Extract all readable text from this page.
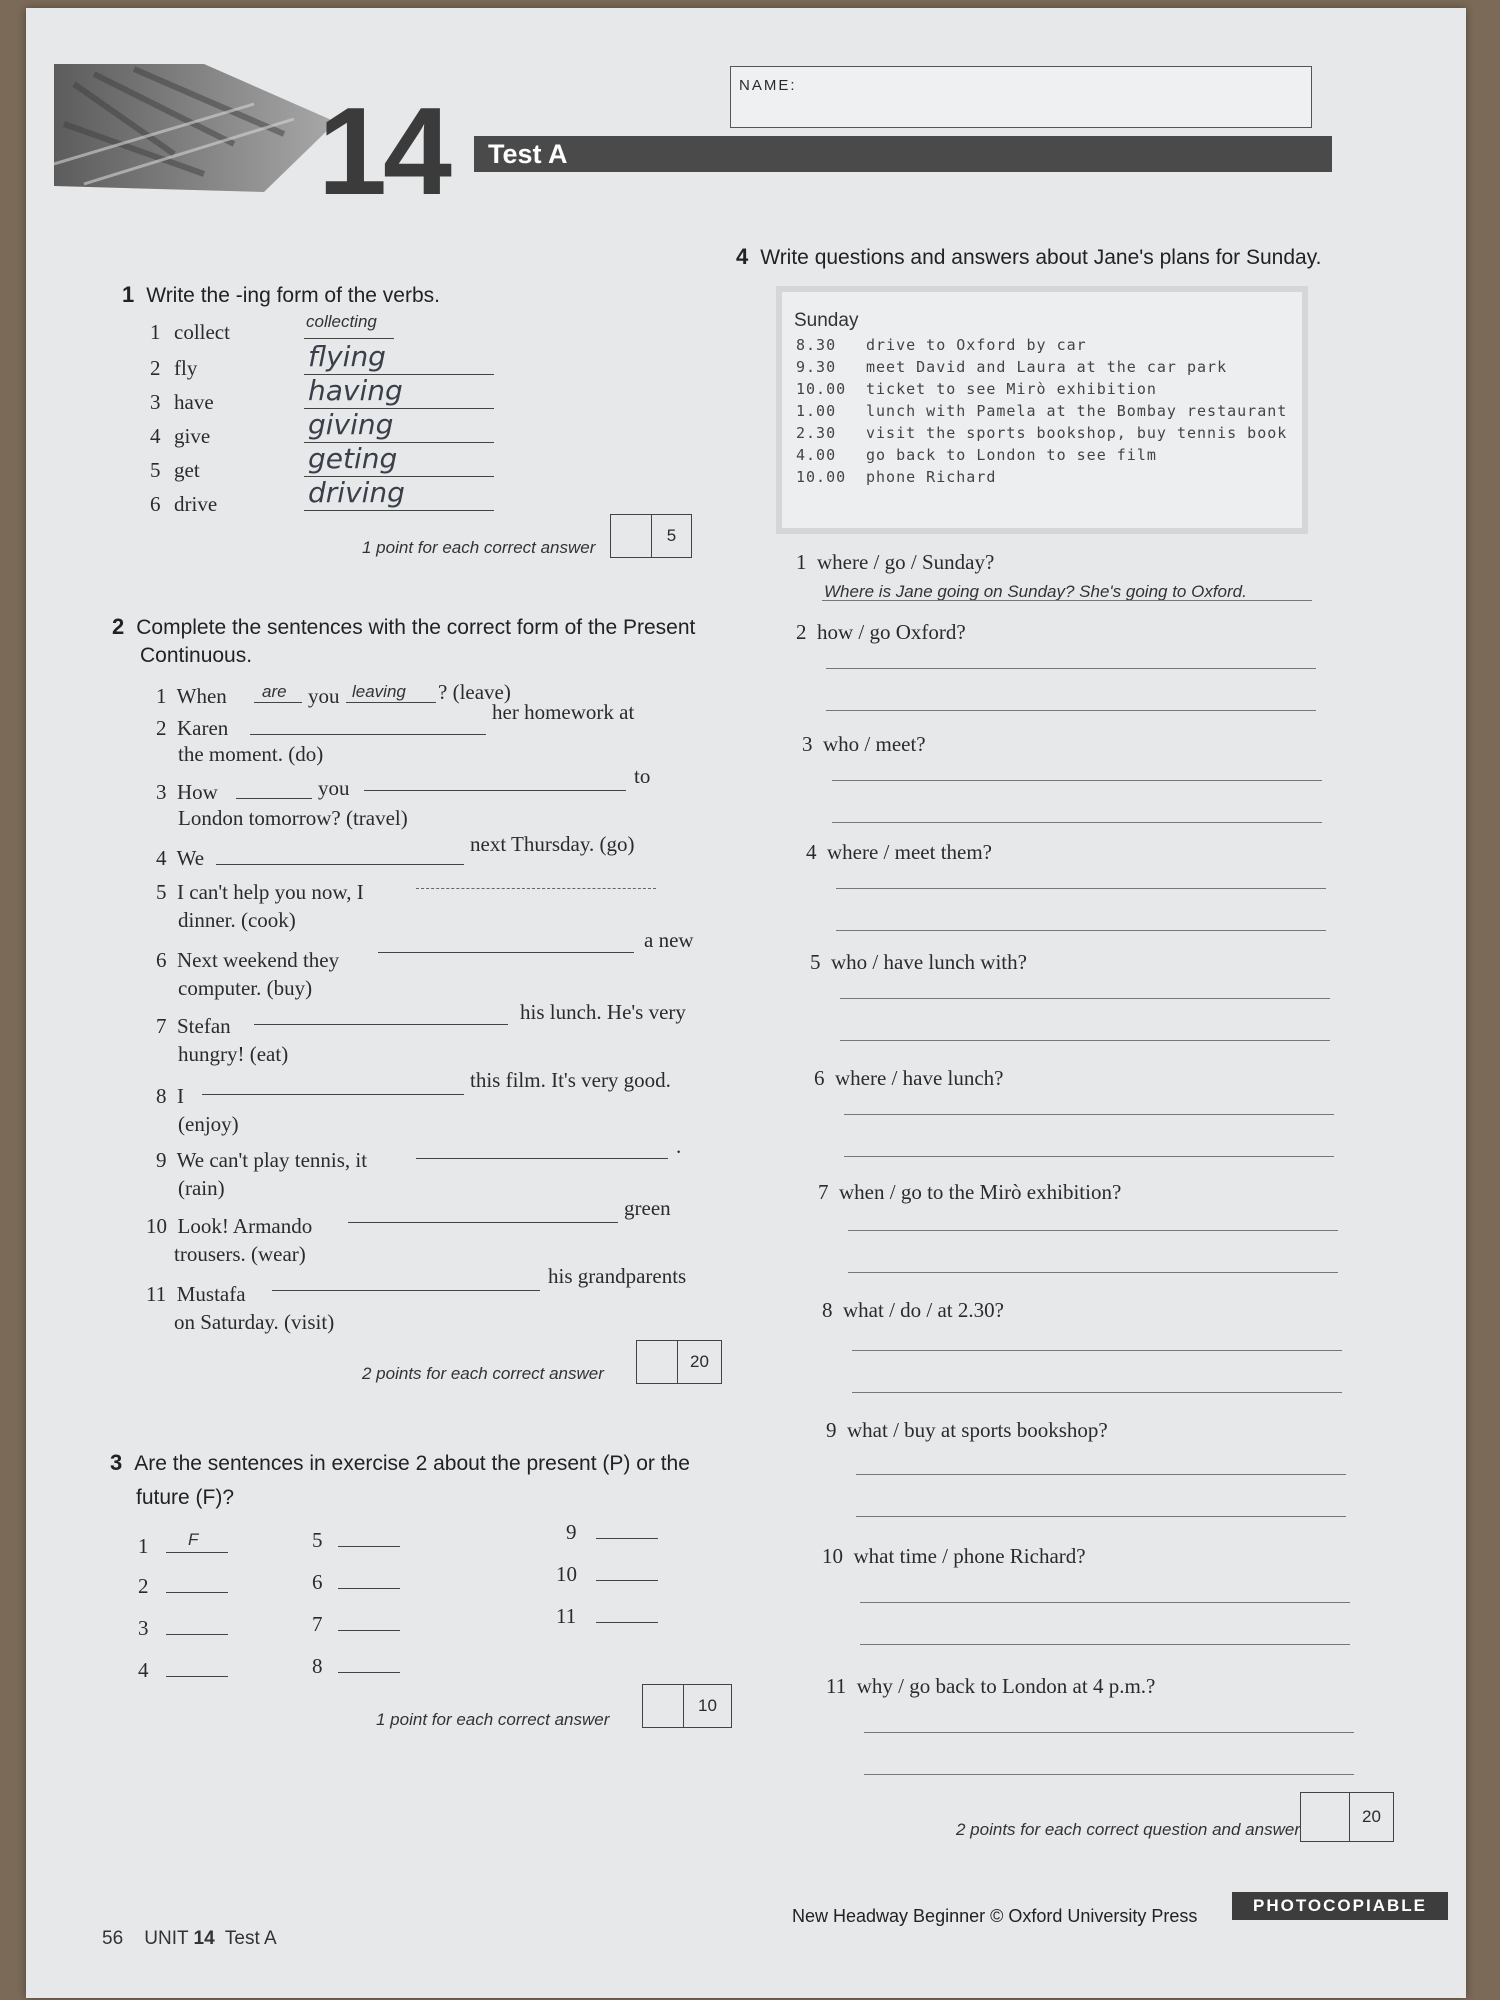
14	NAME:
Test A
1 Write the -ing form of the verbs.
1 collect	collecting
2 fly	flying
3 have	having
4 give	giving
5 get	geting
6 drive	driving
1 point for each correct answer
5
2 Complete the sentences with the correct form of the Present
Continuous.
1 When are you leaving ? (leave)
2 Karen
her homework at
the moment. (do)
3 How	you	to
London tomorrow? (travel)
4 We
next Thursday. (go)
5 I can't help you now, I
dinner. (cook)
6 Next weekend they
a new
computer. (buy)
7 Stefan
his lunch. He's very
hungry! (eat)
8 I
this film. It's very good.
(enjoy)
9 We can't play tennis, it
.
(rain)
10 Look! Armando
green
trousers. (wear)
11 Mustafa
his grandparents
on Saturday. (visit)
2 points for each correct answer
20
3 Are the sentences in exercise 2 about the present (P) or the
future (F)?
1 F
2
3
4
5
6
7
8
9
10
11
1 point for each correct answer
10
4 Write questions and answers about Jane's plans for Sunday.
Sunday
8.30 drive to Oxford by car
9.30 meet David and Laura at the car park
10.00 ticket to see Mirò exhibition
1.00 lunch with Pamela at the Bombay restaurant
2.30 visit the sports bookshop, buy tennis book
4.00 go back to London to see film
10.00 phone Richard
1 where / go / Sunday?
Where is Jane going on Sunday? She's going to Oxford.
2 how / go Oxford?
3 who / meet?
4 where / meet them?
5 who / have lunch with?
6 where / have lunch?
7 when / go to the Mirò exhibition?
8 what / do / at 2.30?
9 what / buy at sports bookshop?
10 what time / phone Richard?
11 why / go back to London at 4 p.m.?
2 points for each correct question and answer
20
56 UNIT 14 Test A
New Headway Beginner © Oxford University Press
PHOTOCOPIABLE
